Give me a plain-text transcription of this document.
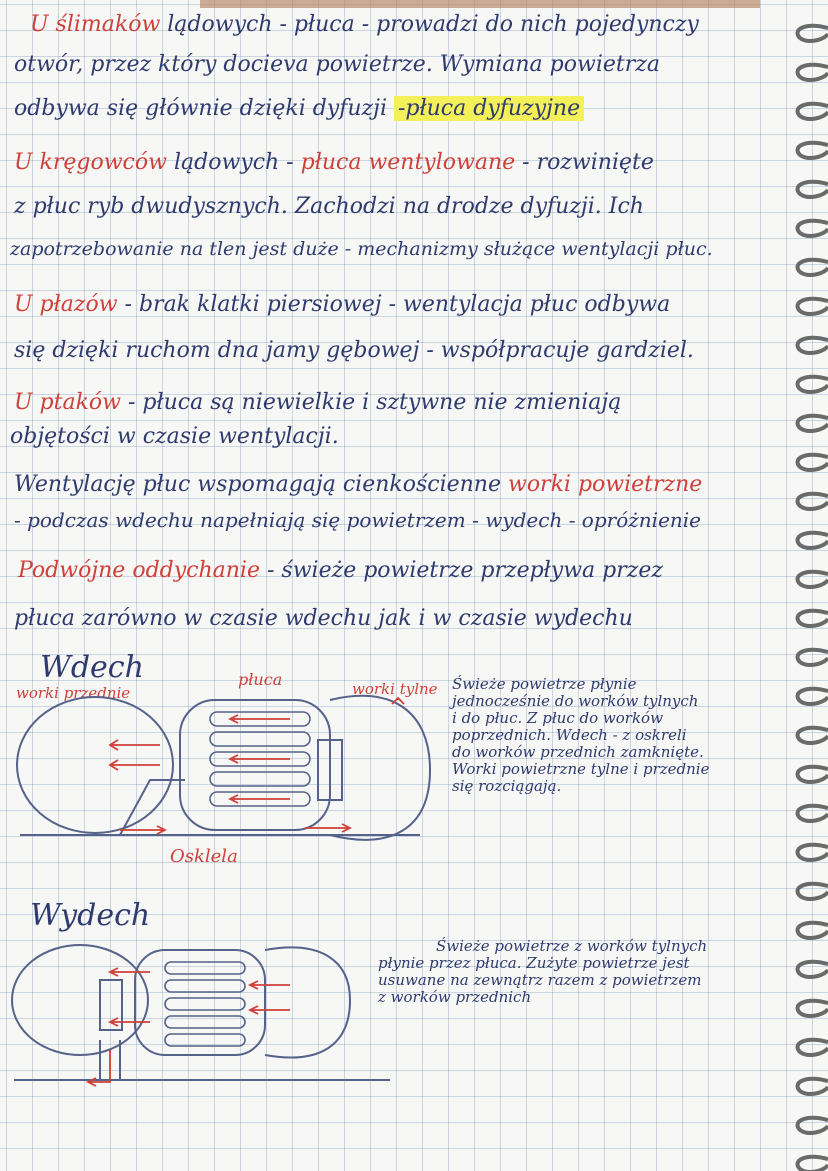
U ślimaków lądowych - płuca - prowadzi do nich pojedynczy
otwór, przez który docieva powietrze. Wymiana powietrza
odbywa się głównie dzięki dyfuzji -płuca dyfuzyjne
U kręgowców lądowych - płuca wentylowane - rozwinięte
z płuc ryb dwudysznych. Zachodzi na drodze dyfuzji. Ich
zapotrzebowanie na tlen jest duże - mechanizmy służące wentylacji płuc.
U płazów - brak klatki piersiowej - wentylacja płuc odbywa
się dzięki ruchom dna jamy gębowej - współpracuje gardziel.
U ptaków - płuca są niewielkie i sztywne nie zmieniają
objętości w czasie wentylacji.
Wentylację płuc wspomagają cienkościenne worki powietrzne
- podczas wdechu napełniają się powietrzem - wydech - opróżnienie
Podwójne oddychanie - świeże powietrze przepływa przez
płuca zarówno w czasie wdechu jak i w czasie wydechu
Wdech
worki przednie
płuca	worki tylne
Osklela
Świeże powietrze płynie
jednocześnie do worków tylnych
i do płuc. Z płuc do worków
poprzednich. Wdech - z oskreli
do worków przednich zamknięte.
Worki powietrzne tylne i przednie
się rozciągają.
Wydech
Świeże powietrze z worków tylnych
płynie przez płuca. Zużyte powietrze jest
usuwane na zewnątrz razem z powietrzem
z worków przednich
